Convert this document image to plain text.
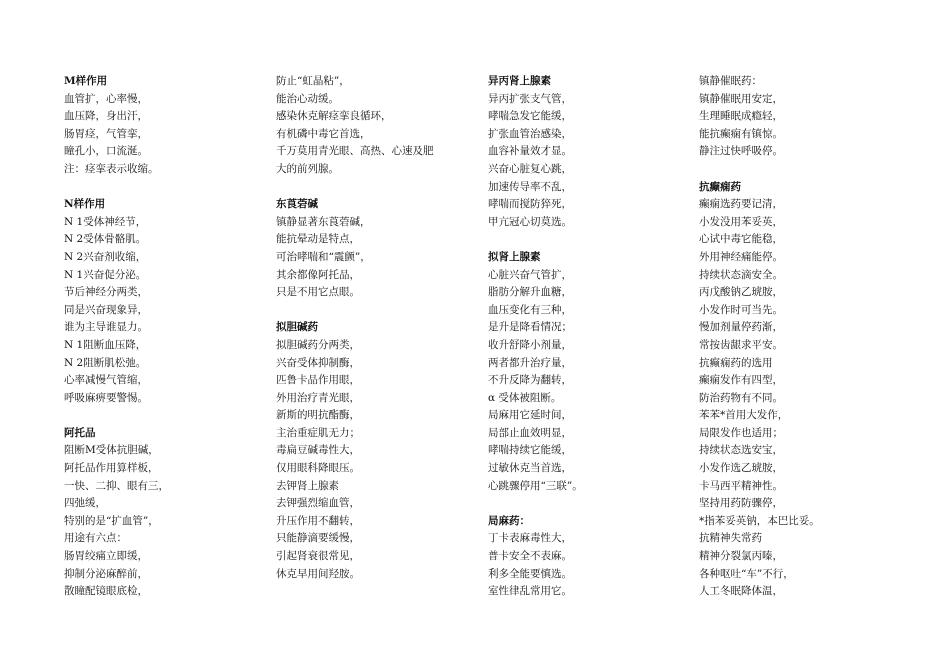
M样作用
血管扩，心率慢，
血压降，身出汗，
肠胃痉，气管挛，
瞳孔小，口流涎。
注：痉挛表示收缩。
N样作用
N 1受体神经节，
N 2受体骨骼肌。
N 2兴奋剂收缩，
N 1兴奋促分泌。
节后神经分两类，
同是兴奋现象异，
谁为主导谁显力。
N 1阻断血压降，
N 2阻断肌松弛。
心率减慢气管缩，
呼吸麻痹要警惕。
阿托品
阻断M受体抗胆碱，
阿托品作用算样板，
一快、二抑、眼有三，
四弛缓，
特别的是“扩血管”，
用途有六点：
肠胃绞痛立即缓，
抑制分泌麻醉前，
散瞳配镜眼底检，
防止“虹晶粘”，
能治心动缓。
感染休克解痉挛良循环，
有机磷中毒它首选，
千万莫用青光眼、高热、心速及肥
大的前列腺。
东莨菪碱
镇静显著东莨菪碱，
能抗晕动是特点，
可治哮喘和“震颤”，
其余都像阿托品，
只是不用它点眼。
拟胆碱药
拟胆碱药分两类，
兴奋受体抑制酶，
匹鲁卡品作用眼，
外用治疗青光眼，
新斯的明抗酯酶，
主治重症肌无力；
毒扁豆碱毒性大，
仅用眼科降眼压。
去钾肾上腺素
去钾强烈缩血管，
升压作用不翻转，
只能静滴要缓慢，
引起肾衰很常见，
休克早用间羟胺。
异丙肾上腺素
异丙扩张支气管，
哮喘急发它能缓，
扩张血管治感染，
血容补量效才显。
兴奋心脏复心跳，
加速传导率不乱，
哮喘而搅防猝死，
甲亢冠心切莫选。
拟肾上腺素
心脏兴奋气管扩，
脂肪分解升血糖，
血压变化有三种，
是升是降看情况；
收升舒降小剂量，
两者都升治疗量，
不升反降为翻转，
α 受体被阻断。
局麻用它延时间，
局部止血效明显，
哮喘持续它能缓，
过敏休克当首选，
心跳骤停用“三联”。
局麻药：
丁卡表麻毒性大，
普卡安全不表麻。
利多全能要慎选。
室性律乱常用它。
镇静催眠药：
镇静催眠用安定，
生理睡眠成瘾轻，
能抗癫痫有镇惊。
静注过快呼吸停。
抗癫痫药
癫痫选药要记清，
小发没用苯妥英，
心试中毒它能稳，
外用神经痛能停。
持续状态滴安全。
丙戊酸钠乙琥胺，
小发作时可当先。
慢加剂量停药渐，
常按齿龈求平安。
抗癫痫药的选用
癫痫发作有四型，
防治药物有不同。
苯苯*首用大发作，
局限发作也适用；
持续状态选安宝，
小发作选乙琥胺，
卡马西平精神性。
坚持用药防骤停，
*指苯妥英钠，本巴比妥。
抗精神失常药
精神分裂氯丙嗪，
各种呕吐“车”不行，
人工冬眠降体温，
